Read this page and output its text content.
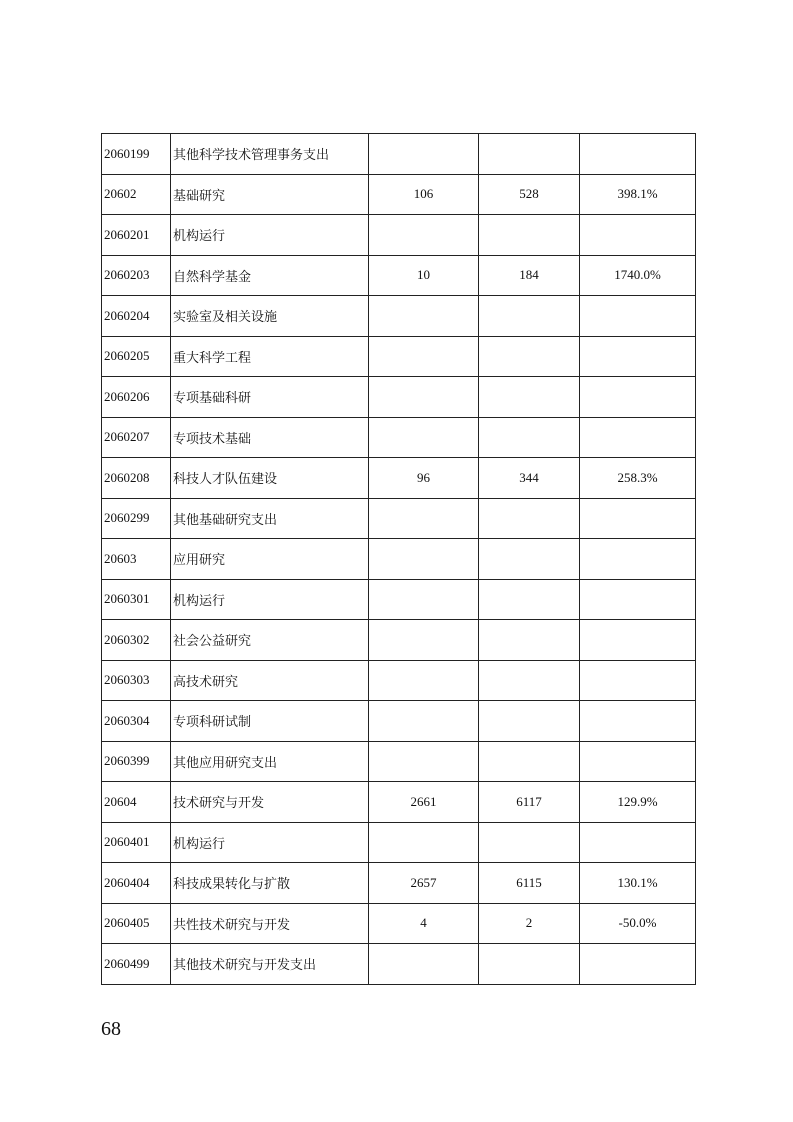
2060199	其他科学技术管理事务支出			
20602	基础研究	106	528	398.1%
2060201	机构运行			
2060203	自然科学基金	10	184	1740.0%
2060204	实验室及相关设施			
2060205	重大科学工程			
2060206	专项基础科研			
2060207	专项技术基础			
2060208	科技人才队伍建设	96	344	258.3%
2060299	其他基础研究支出			
20603	应用研究			
2060301	机构运行			
2060302	社会公益研究			
2060303	高技术研究			
2060304	专项科研试制			
2060399	其他应用研究支出			
20604	技术研究与开发	2661	6117	129.9%
2060401	机构运行			
2060404	科技成果转化与扩散	2657	6115	130.1%
2060405	共性技术研究与开发	4	2	-50.0%
2060499	其他技术研究与开发支出			
68
